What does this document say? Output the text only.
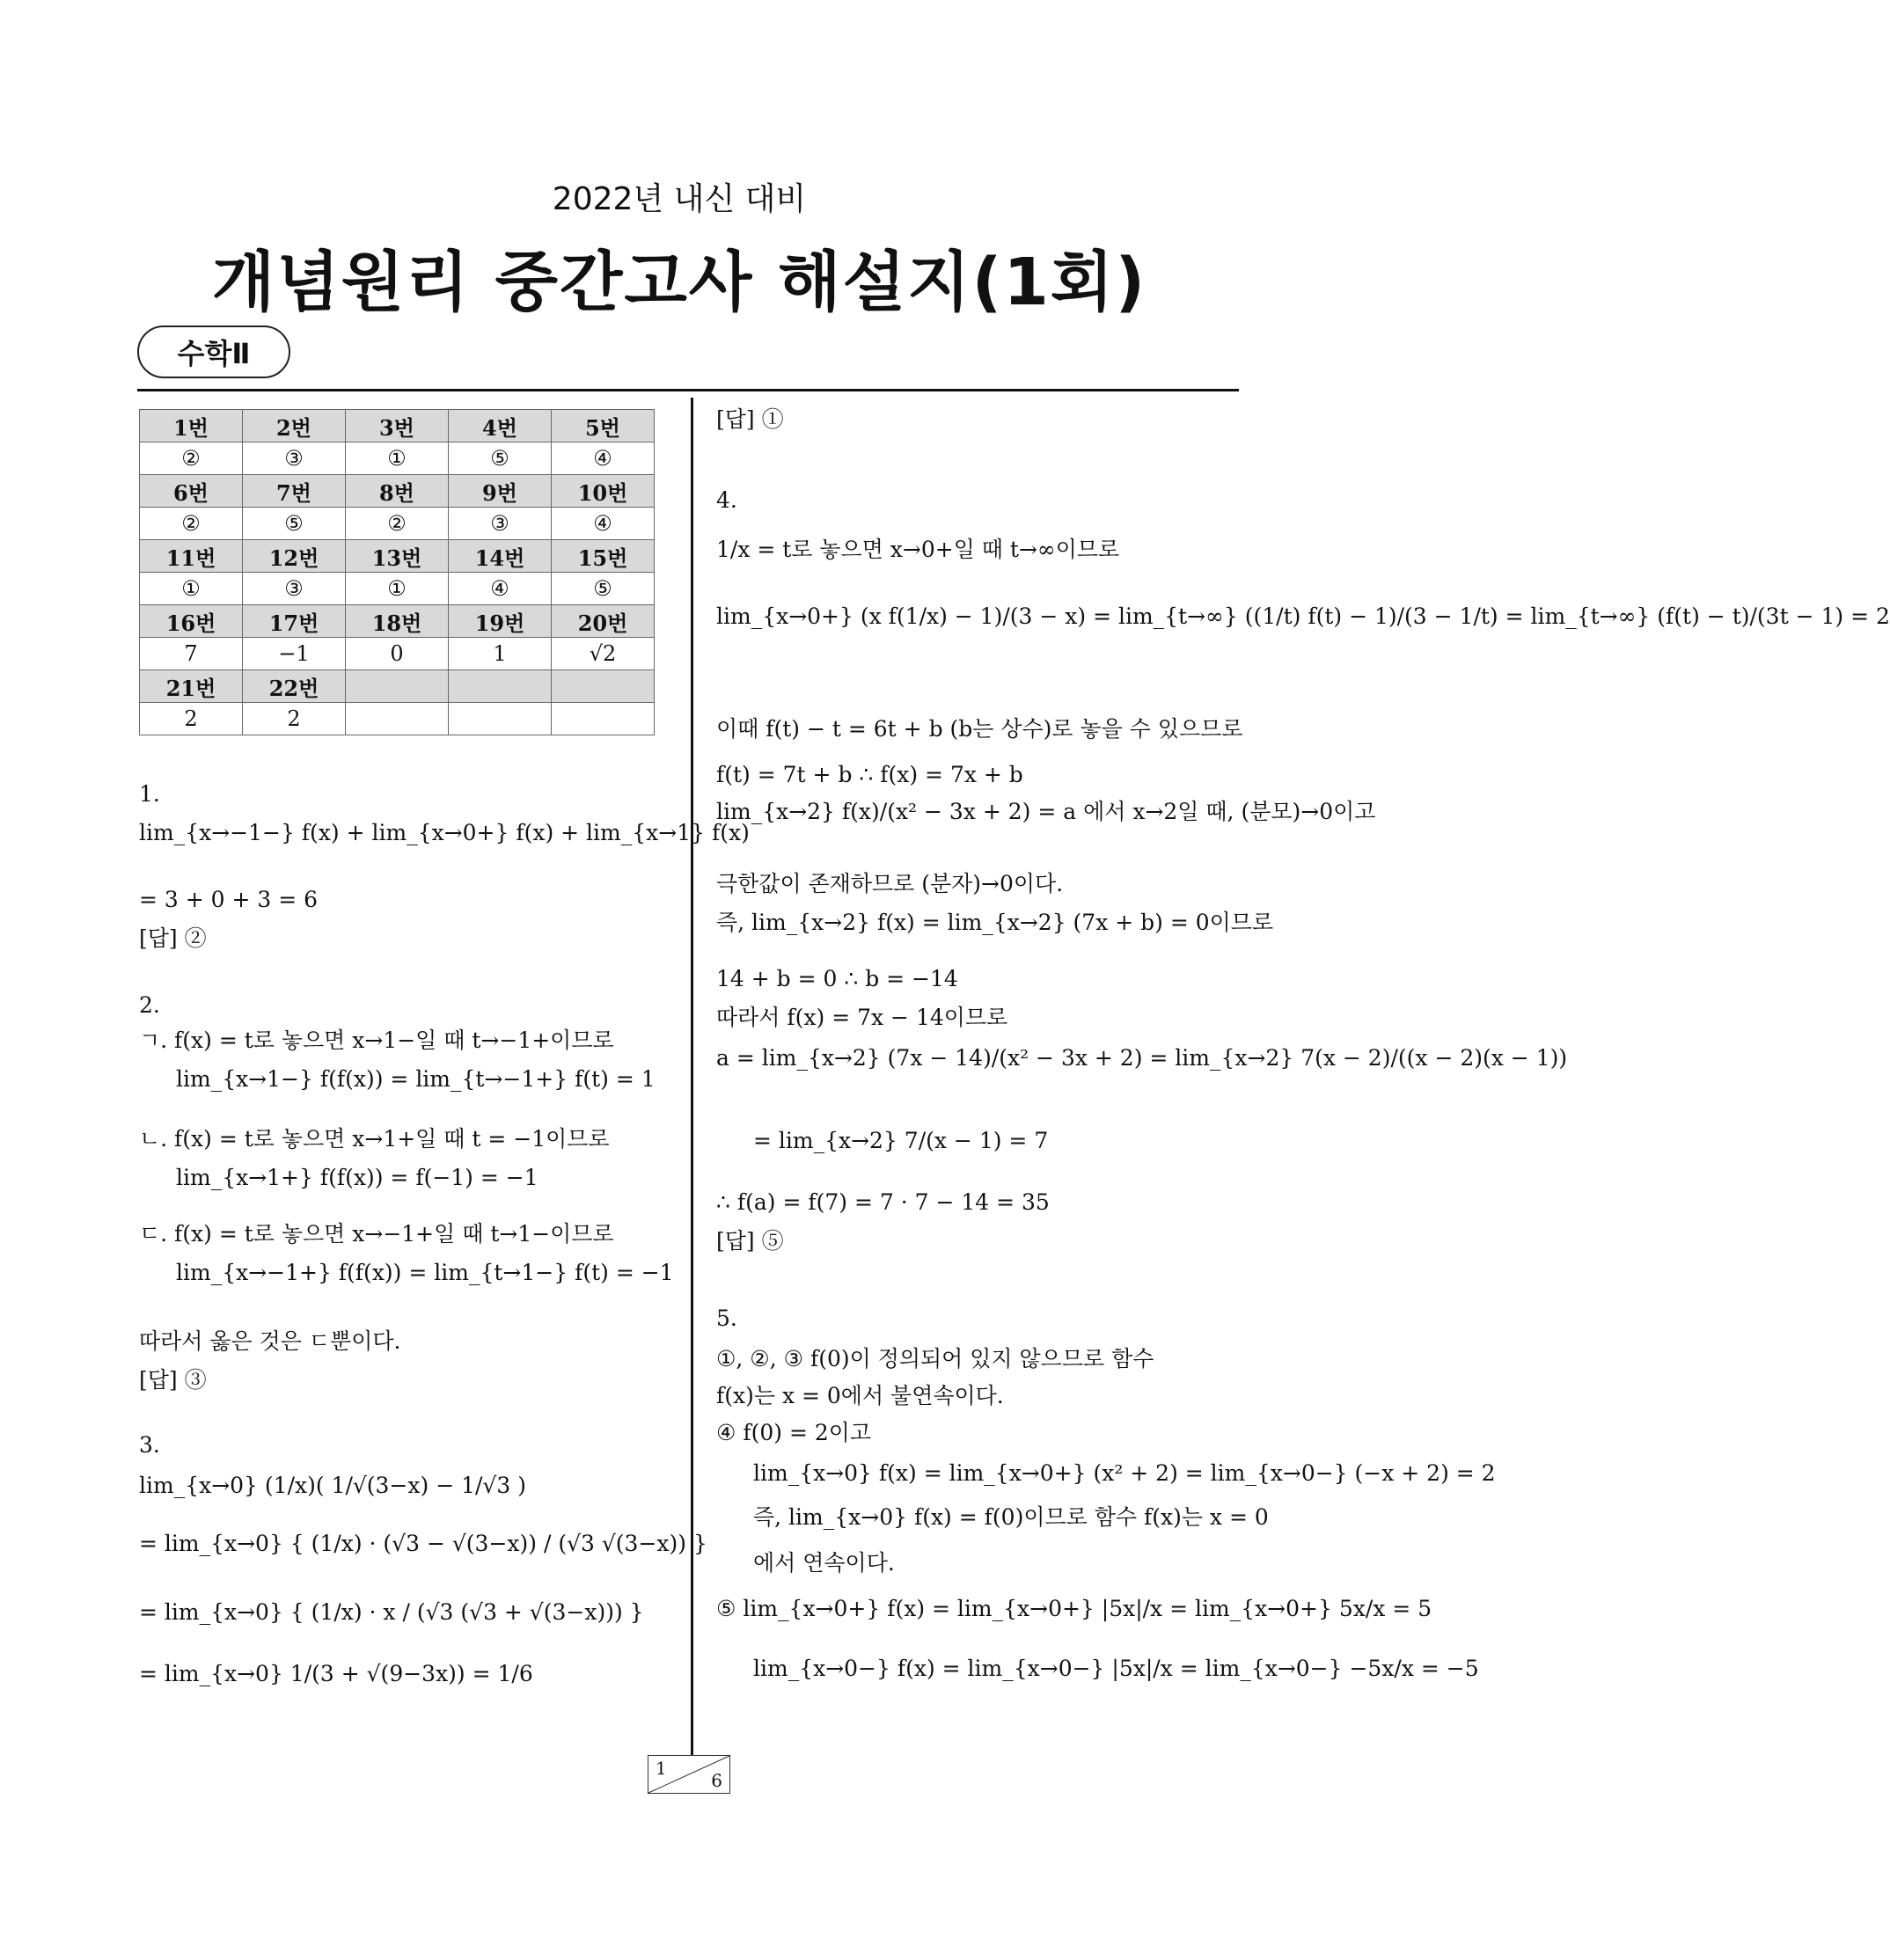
2022년 내신 대비
개념원리 중간고사 해설지(1회)
수학Ⅱ
1번	2번	3번	4번	5번
②	③	①	⑤	④
6번	7번	8번	9번	10번
②	⑤	②	③	④
11번	12번	13번	14번	15번
①	③	①	④	⑤
16번	17번	18번	19번	20번
7	−1	0	1	√2
21번	22번			
2	2			
1.
lim_{x→−1−} f(x) + lim_{x→0+} f(x) + lim_{x→1} f(x)
= 3 + 0 + 3 = 6
[답] ②
2.
ㄱ. f(x) = t로 놓으면 x→1−일 때 t→−1+이므로
lim_{x→1−} f(f(x)) = lim_{t→−1+} f(t) = 1
ㄴ. f(x) = t로 놓으면 x→1+일 때 t = −1이므로
lim_{x→1+} f(f(x)) = f(−1) = −1
ㄷ. f(x) = t로 놓으면 x→−1+일 때 t→1−이므로
lim_{x→−1+} f(f(x)) = lim_{t→1−} f(t) = −1
따라서 옳은 것은 ㄷ뿐이다.
[답] ③
3.
lim_{x→0} (1/x)( 1/√(3−x) − 1/√3 )
= lim_{x→0} { (1/x) · (√3 − √(3−x)) / (√3 √(3−x)) }
= lim_{x→0} { (1/x) · x / (√3 (√3 + √(3−x))) }
= lim_{x→0} 1/(3 + √(9−3x)) = 1/6
[답] ①
4.
1/x = t로 놓으면 x→0+일 때 t→∞이므로
lim_{x→0+} (x f(1/x) − 1)/(3 − x) = lim_{t→∞} ((1/t) f(t) − 1)/(3 − 1/t) = lim_{t→∞} (f(t) − t)/(3t − 1) = 2
이때 f(t) − t = 6t + b (b는 상수)로 놓을 수 있으므로
f(t) = 7t + b ∴ f(x) = 7x + b
lim_{x→2} f(x)/(x² − 3x + 2) = a 에서 x→2일 때, (분모)→0이고
극한값이 존재하므로 (분자)→0이다.
즉, lim_{x→2} f(x) = lim_{x→2} (7x + b) = 0이므로
14 + b = 0 ∴ b = −14
따라서 f(x) = 7x − 14이므로
a = lim_{x→2} (7x − 14)/(x² − 3x + 2) = lim_{x→2} 7(x − 2)/((x − 2)(x − 1))
= lim_{x→2} 7/(x − 1) = 7
∴ f(a) = f(7) = 7 · 7 − 14 = 35
[답] ⑤
5.
①, ②, ③ f(0)이 정의되어 있지 않으므로 함수
f(x)는 x = 0에서 불연속이다.
④ f(0) = 2이고
lim_{x→0} f(x) = lim_{x→0+} (x² + 2) = lim_{x→0−} (−x + 2) = 2
즉, lim_{x→0} f(x) = f(0)이므로 함수 f(x)는 x = 0
에서 연속이다.
⑤ lim_{x→0+} f(x) = lim_{x→0+} |5x|/x = lim_{x→0+} 5x/x = 5
lim_{x→0−} f(x) = lim_{x→0−} |5x|/x = lim_{x→0−} −5x/x = −5
1
6
